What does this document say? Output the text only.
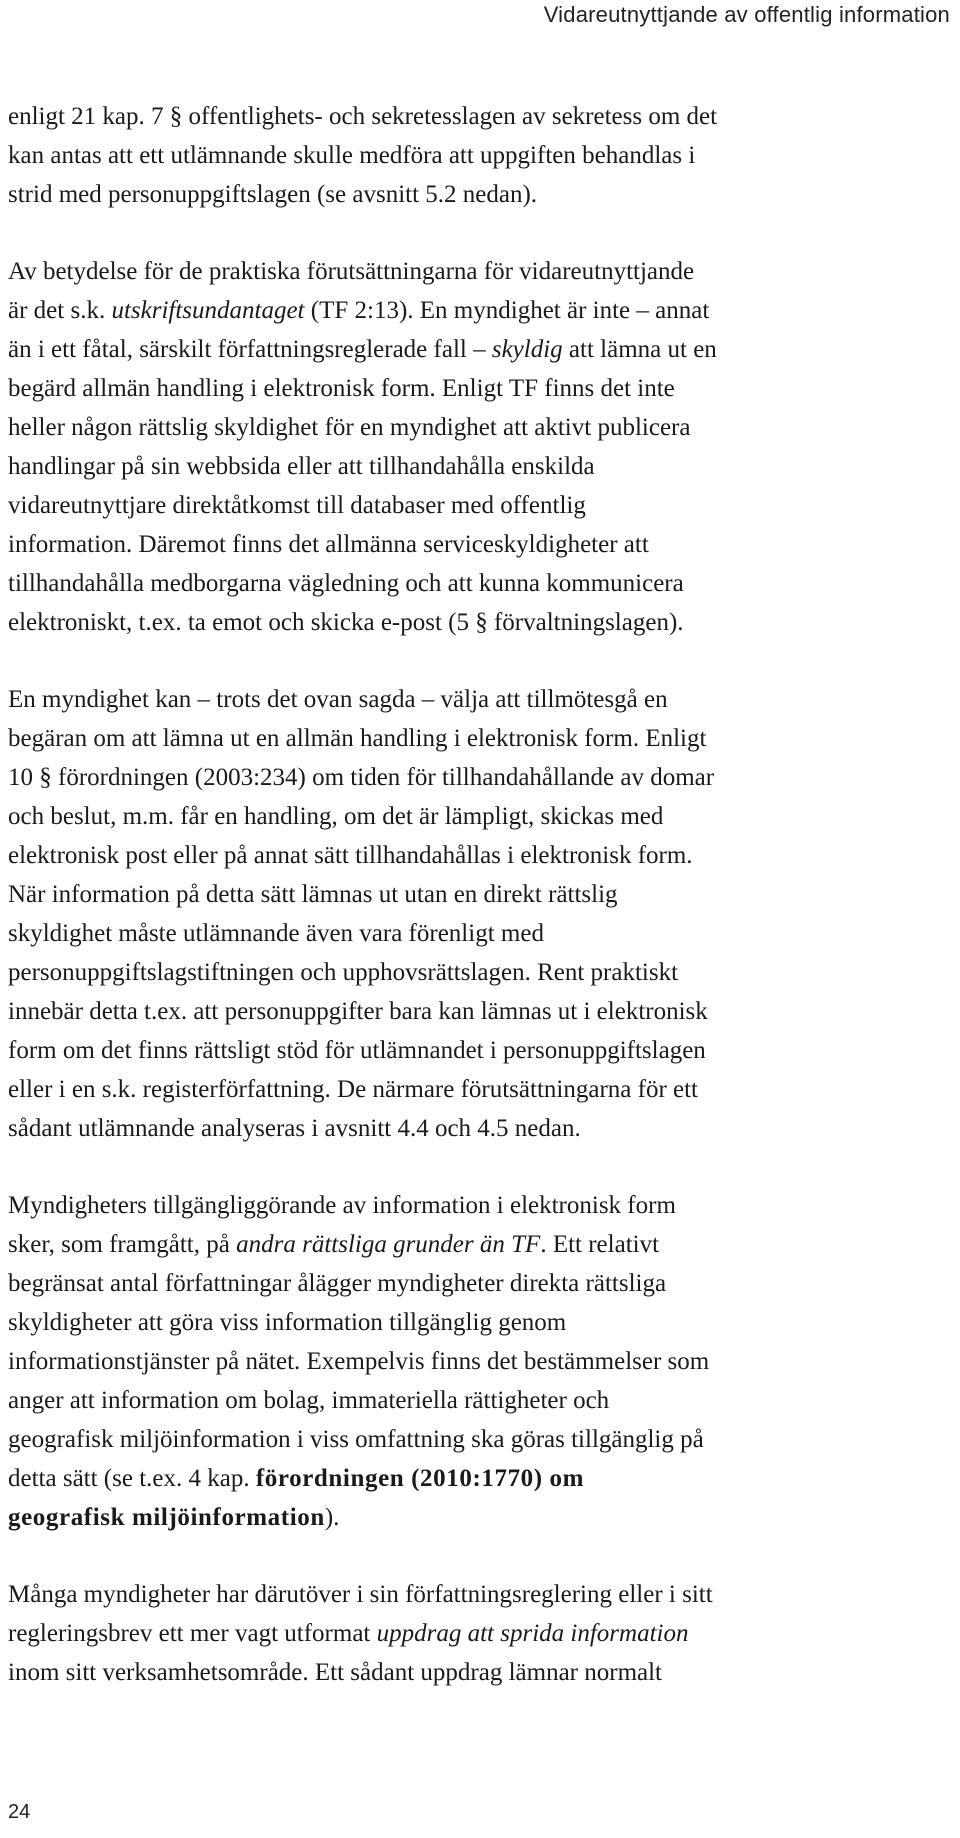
Vidareutnyttjande av offentlig information

enligt 21 kap. 7 § offentlighets- och sekretesslagen av sekretess om det
kan antas att ett utlämnande skulle medföra att uppgiften behandlas i
strid med personuppgiftslagen (se avsnitt 5.2 nedan).

Av betydelse för de praktiska förutsättningarna för vidareutnyttjande
är det s.k. utskriftsundantaget (TF 2:13). En myndighet är inte – annat
än i ett fåtal, särskilt författningsreglerade fall – skyldig att lämna ut en
begärd allmän handling i elektronisk form. Enligt TF finns det inte
heller någon rättslig skyldighet för en myndighet att aktivt publicera
handlingar på sin webbsida eller att tillhandahålla enskilda
vidareutnyttjare direktåtkomst till databaser med offentlig
information. Däremot finns det allmänna serviceskyldigheter att
tillhandahålla medborgarna vägledning och att kunna kommunicera
elektroniskt, t.ex. ta emot och skicka e-post (5 § förvaltningslagen).

En myndighet kan – trots det ovan sagda – välja att tillmötesgå en
begäran om att lämna ut en allmän handling i elektronisk form. Enligt
10 § förordningen (2003:234) om tiden för tillhandahållande av domar
och beslut, m.m. får en handling, om det är lämpligt, skickas med
elektronisk post eller på annat sätt tillhandahållas i elektronisk form.
När information på detta sätt lämnas ut utan en direkt rättslig
skyldighet måste utlämnande även vara förenligt med
personuppgiftslagstiftningen och upphovsrättslagen. Rent praktiskt
innebär detta t.ex. att personuppgifter bara kan lämnas ut i elektronisk
form om det finns rättsligt stöd för utlämnandet i personuppgiftslagen
eller i en s.k. registerförfattning. De närmare förutsättningarna för ett
sådant utlämnande analyseras i avsnitt 4.4 och 4.5 nedan.

Myndigheters tillgängliggörande av information i elektronisk form
sker, som framgått, på andra rättsliga grunder än TF. Ett relativt
begränsat antal författningar ålägger myndigheter direkta rättsliga
skyldigheter att göra viss information tillgänglig genom
informationstjänster på nätet. Exempelvis finns det bestämmelser som
anger att information om bolag, immateriella rättigheter och
geografisk miljöinformation i viss omfattning ska göras tillgänglig på
detta sätt (se t.ex. 4 kap. förordningen (2010:1770) om
geografisk miljöinformation).

Många myndigheter har därutöver i sin författningsreglering eller i sitt
regleringsbrev ett mer vagt utformat uppdrag att sprida information
inom sitt verksamhetsområde. Ett sådant uppdrag lämnar normalt

24
